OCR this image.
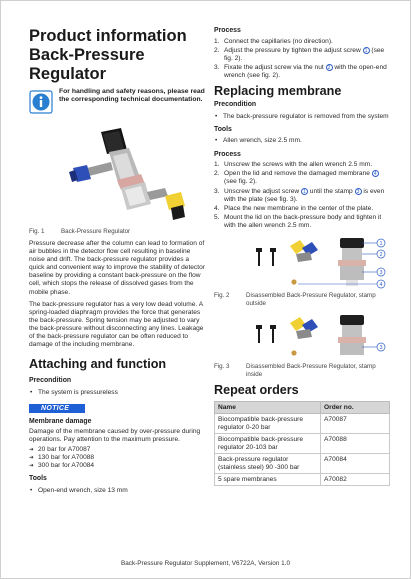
Product information
Back-Pressure
Regulator
For handling and safety reasons, please read the corresponding technical documentation.
Fig. 1	Back-Pressure Regulator

Pressure decrease after the column can lead to formation of air bubbles in the detector flow cell resulting in baseline noise and drift. The back-pressure regulator provides a quick and convenient way to improve the stability of detector baseline by providing a constant back-pressure on the flow cell, which stops the release of dissolved gases from the mobile phase.

The back-pressure regulator has a very low dead volume. A spring-loaded diaphragm provides the force that generates the back-pressure. Spring tension may be adjusted to vary the back-pressure without disconnecting any lines. Leakage of the back-pressure regulator can be often reduced to damage of the including membrane.

Attaching and function
Precondition
• The system is pressureless
NOTICE
Membrane damage

Damage of the membrane caused by over-pressure during operations. Pay attention to the maximum pressure.

➜ 20 bar for A70087
➜ 130 bar for A70088
➜ 300 bar for A70084
Tools
• Open-end wrench, size 13 mm
Process
1. Connect the capillaries (no direction).
2. Adjust the pressure by tighten the adjust screw 1 (see fig. 2).
3. Fixate the adjust screw via the nut 2 with the open-end wrench (see fig. 2).
Replacing membrane
Precondition
• The back-pressure regulator is removed from the system
Tools
• Allen wrench, size 2.5 mm.
Process
1. Unscrew the screws with the allen wrench 2.5 mm.
2. Open the lid and remove the damaged membrane 4 (see fig. 2).
3. Unscrew the adjust screw 1 until the stamp 3 is even with the plate (see fig. 3).
4. Place the new membrane in the center of the plate.
5. Mount the lid on the back-pressure body and tighten it with the allen wrench 2.5 mm.
1
2
3
4
Fig. 2	Disassembled Back-Pressure Regulator, stamp outside
3
Fig. 3	Disassembled Back-Pressure Regulator, stamp inside
Repeat orders
Name	Order no.
Biocompatible back-pressure regulator 0-20 bar	A70087
Biocompatible back-pressure regulator 20-103 bar	A70088
Back-pressure regulator (stainless steel) 90 -300 bar	A70084
5 spare membranes	A70082
Back-Pressure Regulator Supplement, V6722A, Version 1.0
